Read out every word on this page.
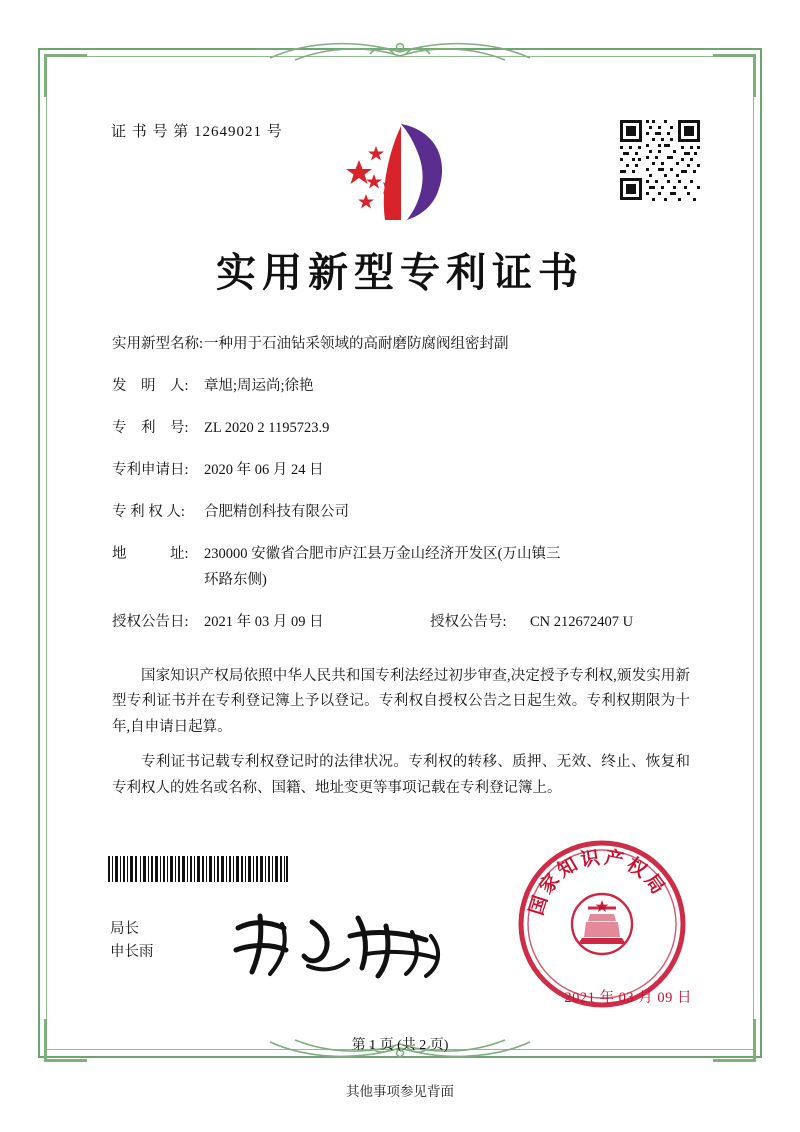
证 书 号 第 12649021 号
实用新型专利证书
实用新型名称: 一种用于石油钻采领域的高耐磨防腐阀组密封副
发　明　人:	章旭;周运尚;徐艳
专　利　号:	ZL 2020 2 1195723.9
专利申请日:	2020 年 06 月 24 日
专 利 权 人:	合肥精创科技有限公司
地　　　址:	230000 安徽省合肥市庐江县万金山经济开发区(万山镇三
环路东侧)
授权公告日:	2021 年 03 月 09 日	授权公告号:	CN 212672407 U

国家知识产权局依照中华人民共和国专利法经过初步审查,决定授予专利权,颁发实用新型专利证书并在专利登记簿上予以登记。专利权自授权公告之日起生效。专利权期限为十年,自申请日起算。

专利证书记载专利权登记时的法律状况。专利权的转移、质押、无效、终止、恢复和专利权人的姓名或名称、国籍、地址变更等事项记载在专利登记簿上。

局长
申长雨
国家知识产权局
2021 年 03 月 09 日
第 1 页 (共 2 页)
其他事项参见背面
